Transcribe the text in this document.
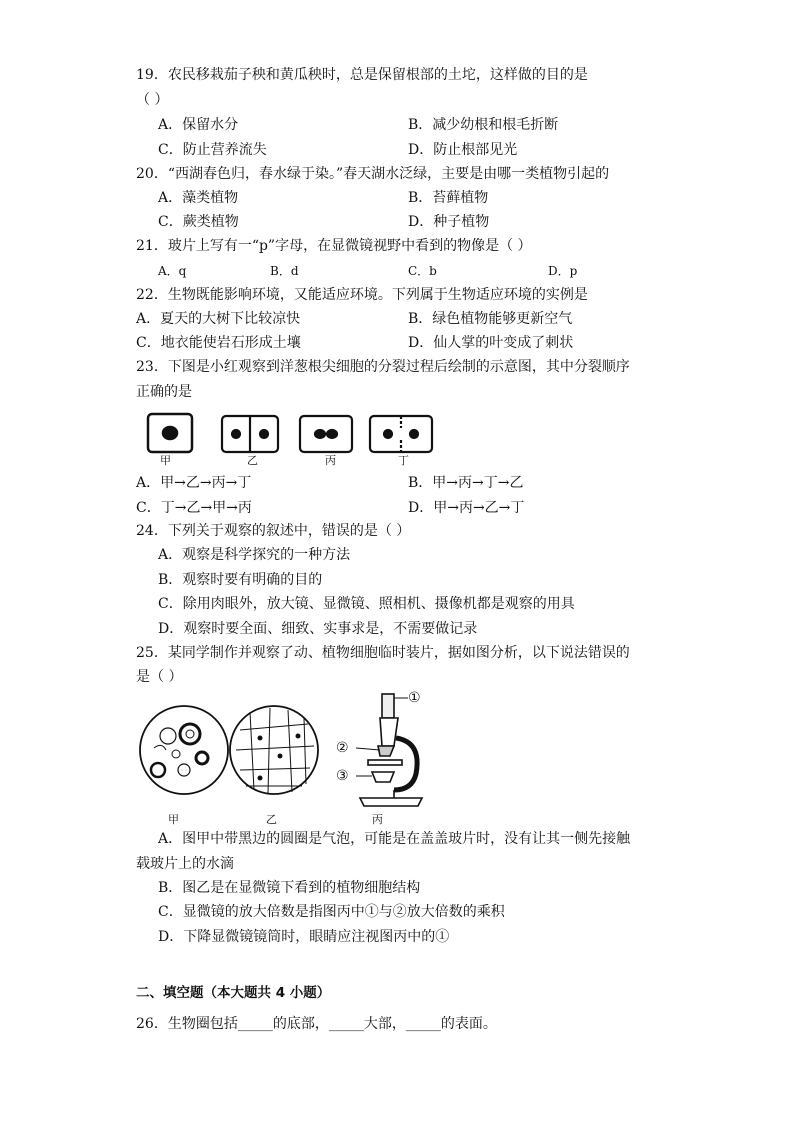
19．农民移栽茄子秧和黄瓜秧时，总是保留根部的土坨，这样做的目的是
（ ）
A．保留水分	B．减少幼根和根毛折断
C．防止营养流失	D．防止根部见光
20．“西湖春色归，春水绿于染。”春天湖水泛绿，主要是由哪一类植物引起的
A．藻类植物	B．苔藓植物
C．蕨类植物	D．种子植物
21．玻片上写有一“p”字母，在显微镜视野中看到的物像是（ ）
A．q	B．d	C．b	D．p
22．生物既能影响环境，又能适应环境。下列属于生物适应环境的实例是
A．夏天的大树下比较凉快	B．绿色植物能够更新空气
C．地衣能使岩石形成土壤	D．仙人掌的叶变成了刺状
23．下图是小红观察到洋葱根尖细胞的分裂过程后绘制的示意图，其中分裂顺序
正确的是
甲	乙	丙	丁
A．甲→乙→丙→丁	B．甲→丙→丁→乙
C．丁→乙→甲→丙	D．甲→丙→乙→丁
24．下列关于观察的叙述中，错误的是（ ）
A．观察是科学探究的一种方法
B．观察时要有明确的目的
C．除用肉眼外，放大镜、显微镜、照相机、摄像机都是观察的用具
D．观察时要全面、细致、实事求是，不需要做记录
25．某同学制作并观察了动、植物细胞临时装片，据如图分析，以下说法错误的
是（ ）
①
②
③
甲	乙	丙
A．图甲中带黑边的圆圈是气泡，可能是在盖盖玻片时，没有让其一侧先接触
载玻片上的水滴
B．图乙是在显微镜下看到的植物细胞结构
C．显微镜的放大倍数是指图丙中①与②放大倍数的乘积
D．下降显微镜镜筒时，眼睛应注视图丙中的①
二、填空题（本大题共 4 小题）
26．生物圈包括_____的底部，_____大部，_____的表面。
